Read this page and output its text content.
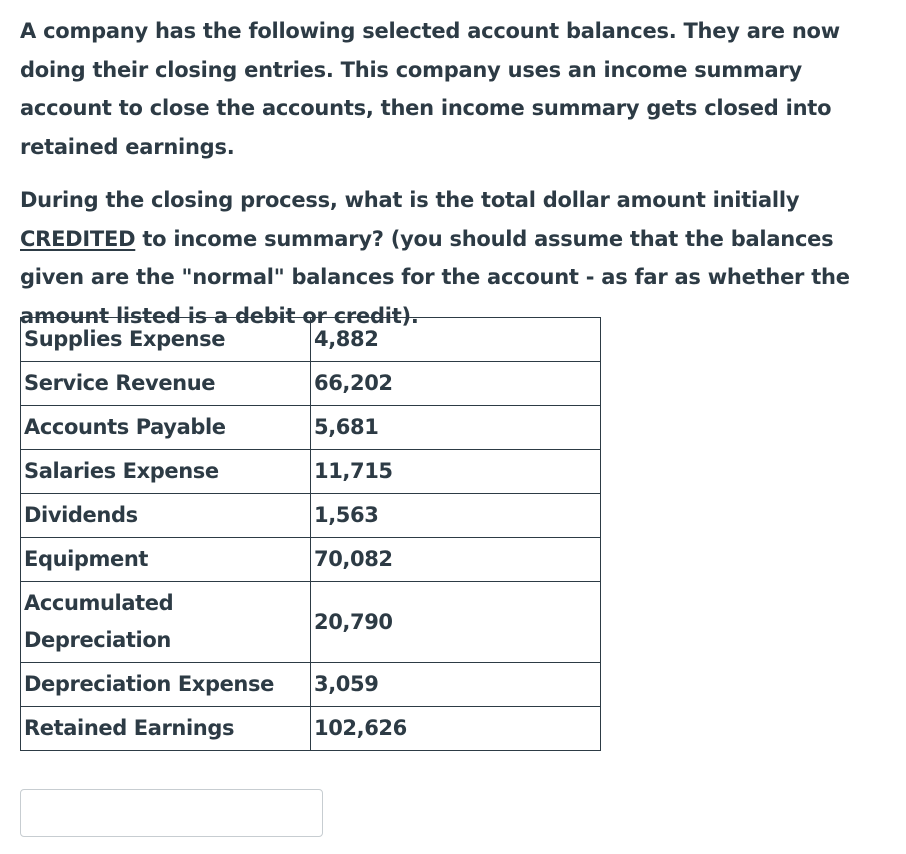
A company has the following selected account balances. They are now doing their closing entries. This company uses an income summary account to close the accounts, then income summary gets closed into retained earnings.

During the closing process, what is the total dollar amount initially CREDITED to income summary? (you should assume that the balances given are the "normal" balances for the account - as far as whether the amount listed is a debit or credit).

Supplies Expense	4,882
Service Revenue	66,202
Accounts Payable	5,681
Salaries Expense	11,715
Dividends	1,563
Equipment	70,082
Accumulated Depreciation	20,790
Depreciation Expense	3,059
Retained Earnings	102,626
